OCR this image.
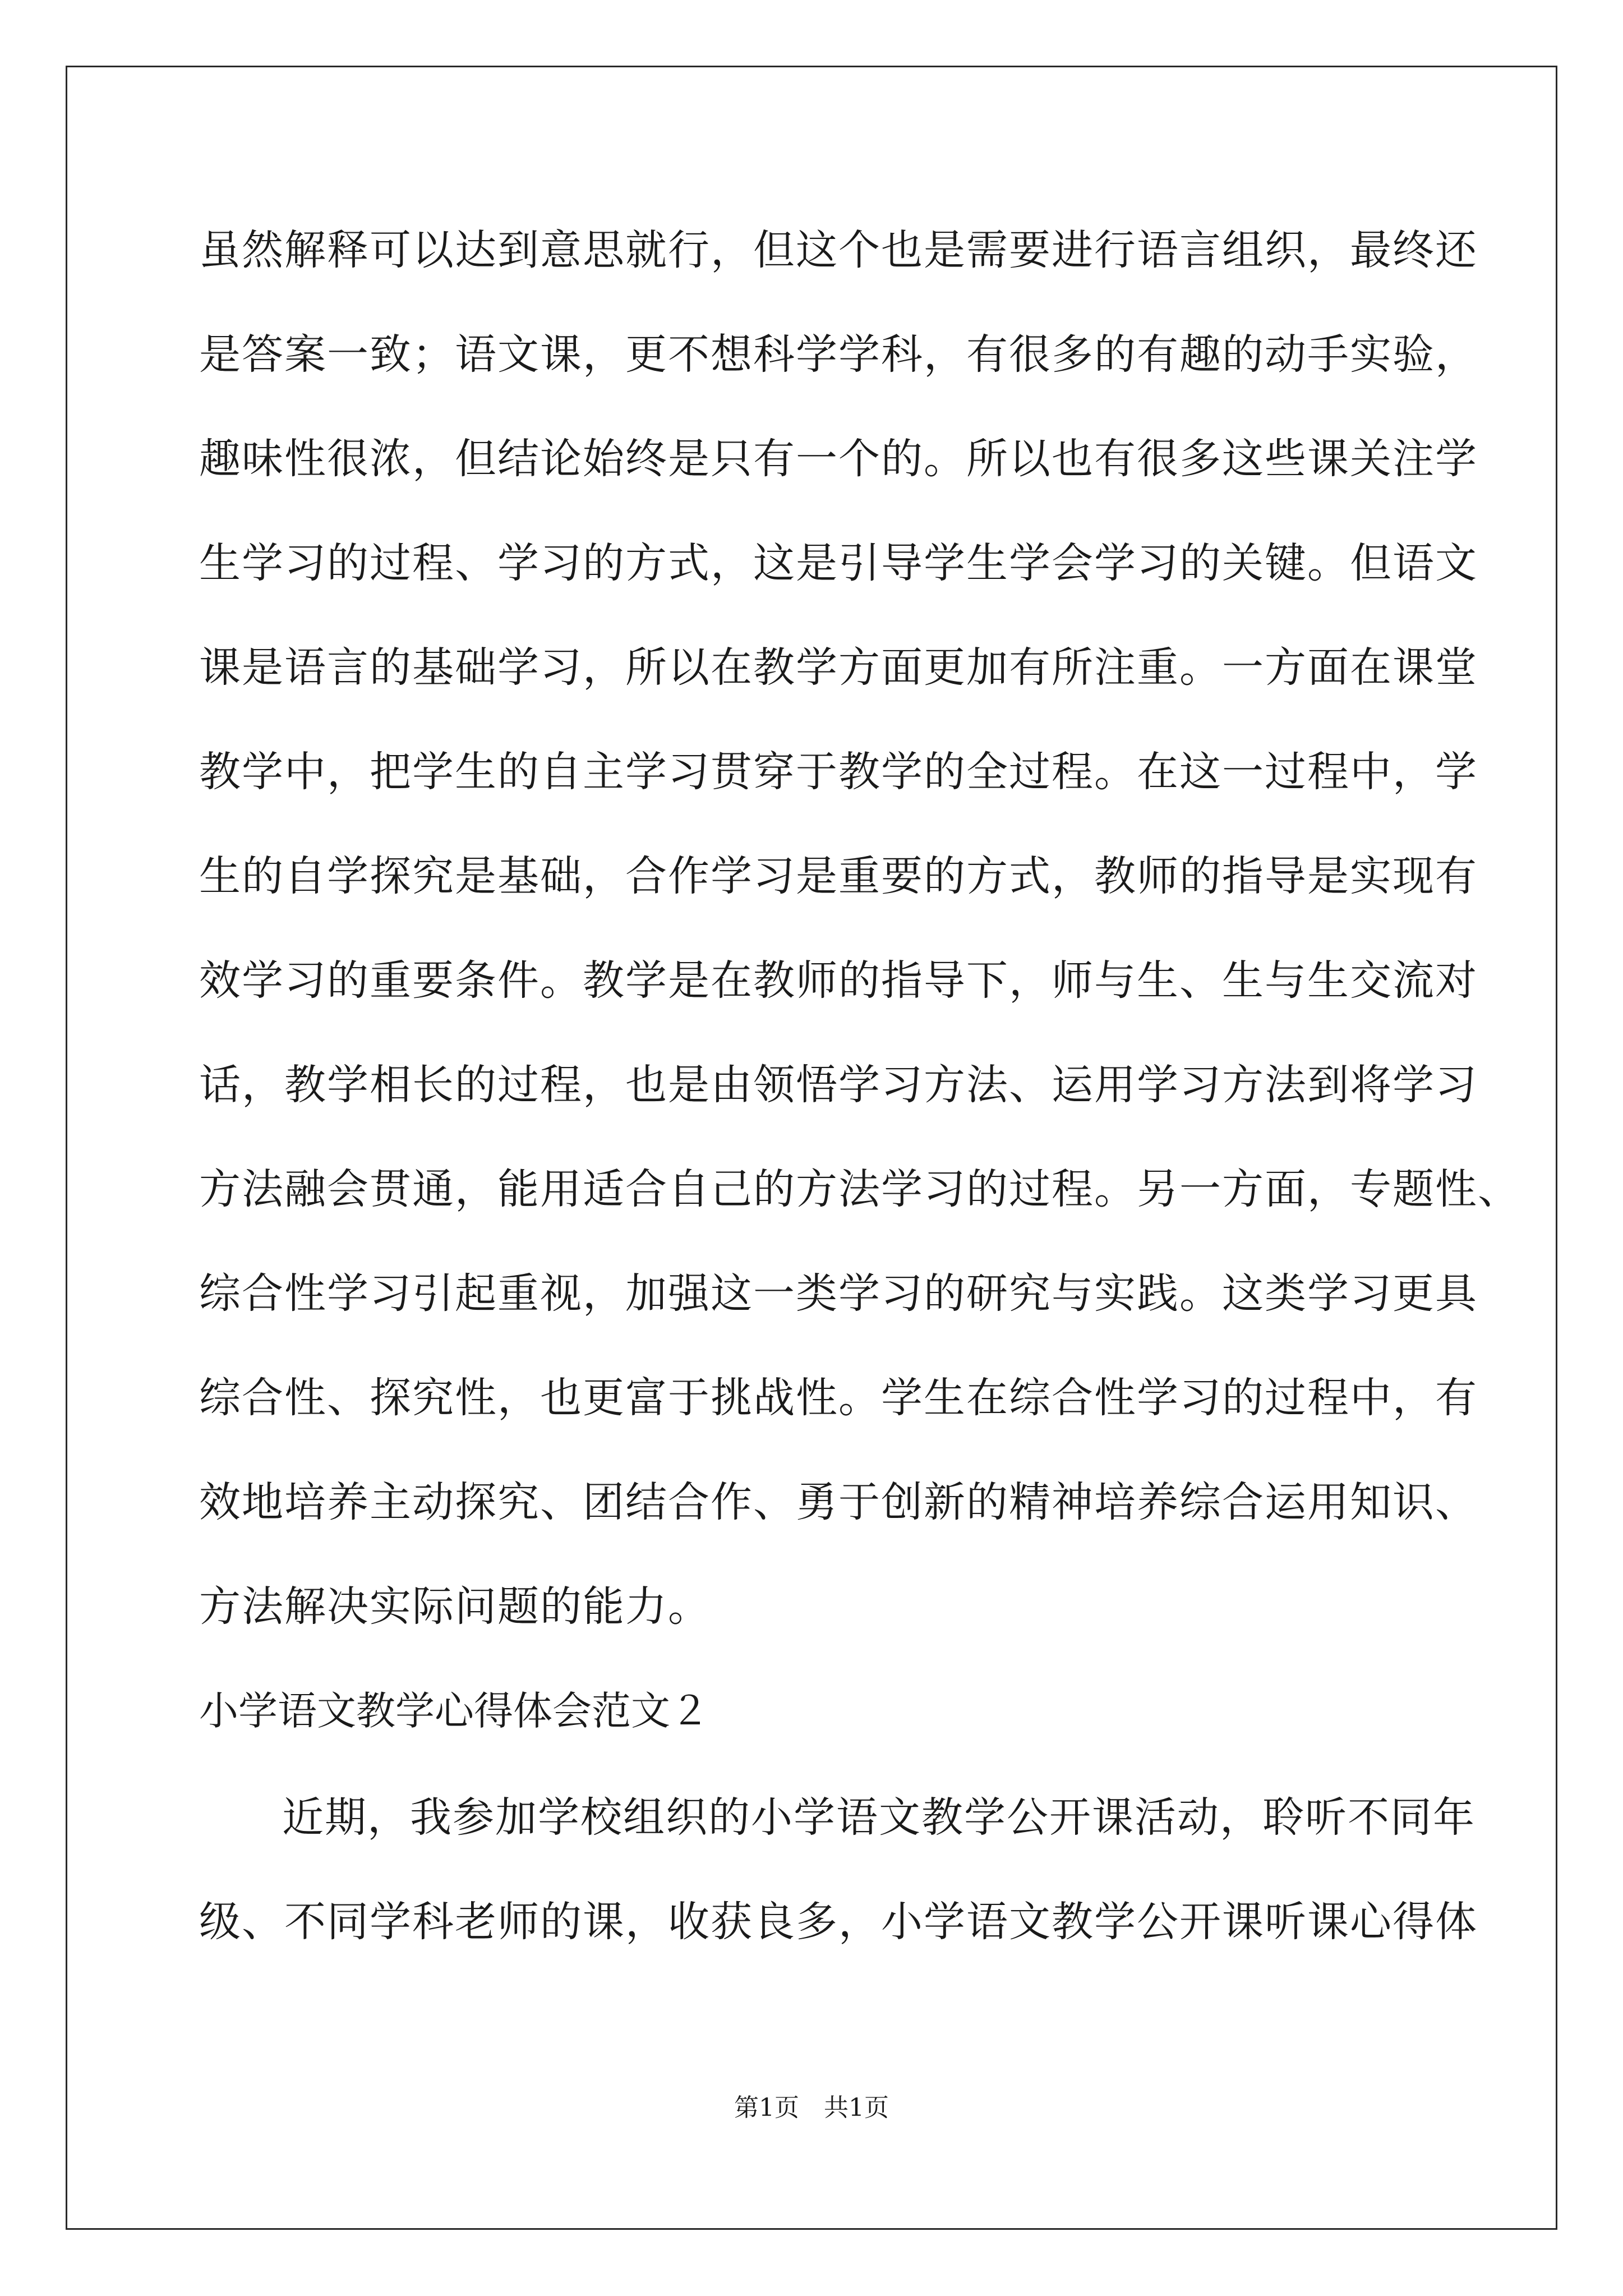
虽然解释可以达到意思就行，但这个也是需要进行语言组织，最终还
是答案一致；语文课，更不想科学学科，有很多的有趣的动手实验，
趣味性很浓，但结论始终是只有一个的。所以也有很多这些课关注学
生学习的过程、学习的方式，这是引导学生学会学习的关键。但语文
课是语言的基础学习，所以在教学方面更加有所注重。一方面在课堂
教学中，把学生的自主学习贯穿于教学的全过程。在这一过程中，学
生的自学探究是基础，合作学习是重要的方式，教师的指导是实现有
效学习的重要条件。教学是在教师的指导下，师与生、生与生交流对
话，教学相长的过程，也是由领悟学习方法、运用学习方法到将学习
方法融会贯通，能用适合自己的方法学习的过程。另一方面，专题性、
综合性学习引起重视，加强这一类学习的研究与实践。这类学习更具
综合性、探究性，也更富于挑战性。学生在综合性学习的过程中，有
效地培养主动探究、团结合作、勇于创新的精神培养综合运用知识、
方法解决实际问题的能力。
小学语文教学心得体会范文２
近期，我参加学校组织的小学语文教学公开课活动，聆听不同年
级、不同学科老师的课，收获良多，小学语文教学公开课听课心得体
第1页　共1页
